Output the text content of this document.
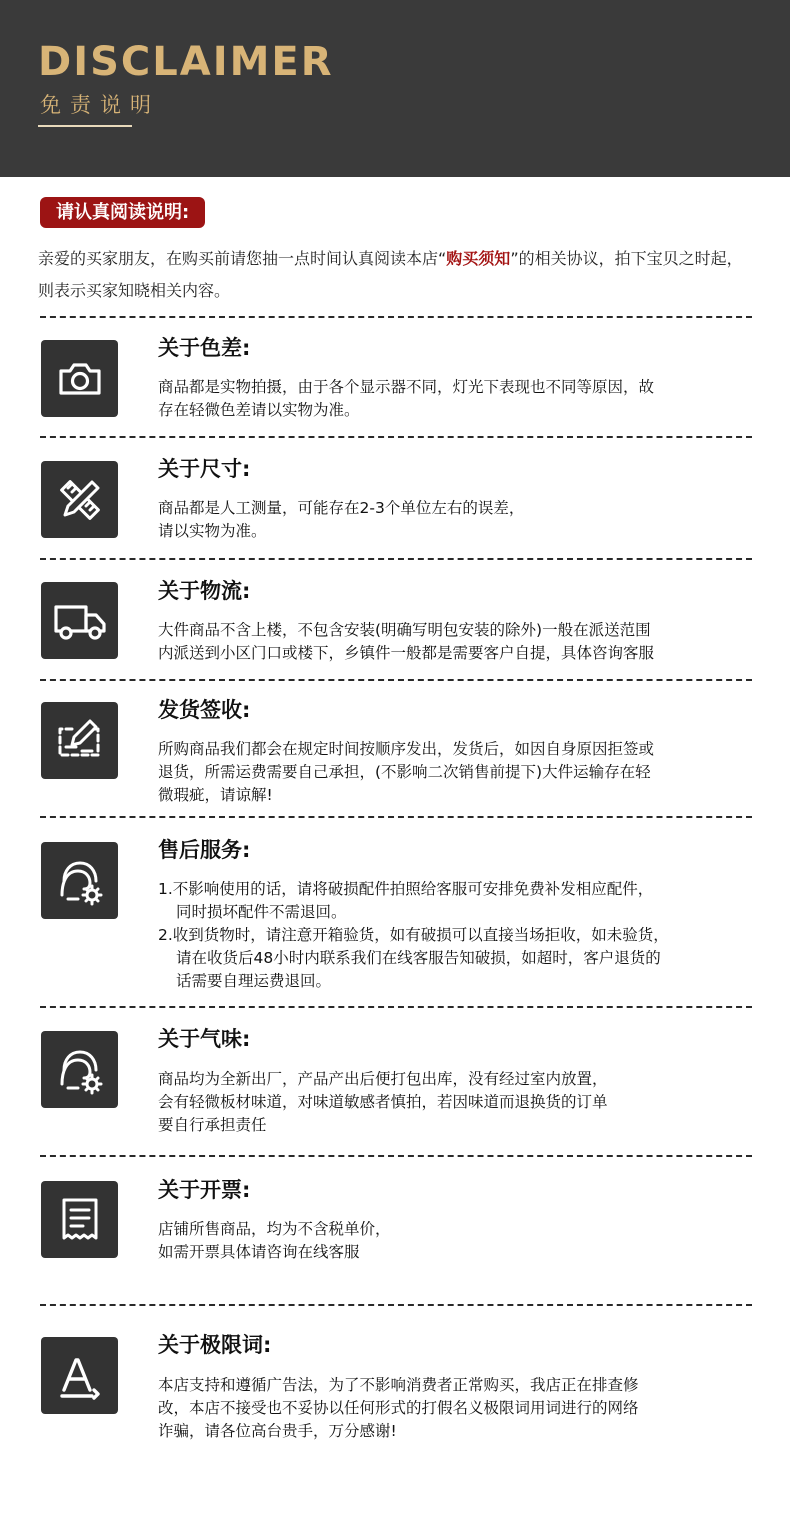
DISCLAIMER
免责说明
请认真阅读说明:
亲爱的买家朋友，在购买前请您抽一点时间认真阅读本店“购买须知”的相关协议，拍下宝贝之时起，则表示买家知晓相关内容。
关于色差:
商品都是实物拍摄，由于各个显示器不同，灯光下表现也不同等原因，故
存在轻微色差请以实物为准。
关于尺寸:
商品都是人工测量，可能存在2-3个单位左右的误差，
请以实物为准。
关于物流:
大件商品不含上楼，不包含安装(明确写明包安装的除外)一般在派送范围
内派送到小区门口或楼下，乡镇件一般都是需要客户自提，具体咨询客服
发货签收:
所购商品我们都会在规定时间按顺序发出，发货后，如因自身原因拒签或
退货，所需运费需要自己承担，(不影响二次销售前提下)大件运输存在轻
微瑕疵，请谅解!
售后服务:
1.不影响使用的话，请将破损配件拍照给客服可安排免费补发相应配件，
同时损坏配件不需退回。
2.收到货物时，请注意开箱验货，如有破损可以直接当场拒收，如未验货，
请在收货后48小时内联系我们在线客服告知破损，如超时，客户退货的
话需要自理运费退回。
关于气味:
商品均为全新出厂，产品产出后便打包出库，没有经过室内放置，
会有轻微板材味道，对味道敏感者慎拍，若因味道而退换货的订单
要自行承担责任
关于开票:
店铺所售商品，均为不含税单价，
如需开票具体请咨询在线客服
关于极限词:
本店支持和遵循广告法，为了不影响消费者正常购买，我店正在排查修
改，本店不接受也不妥协以任何形式的打假名义极限词用词进行的网络
诈骗，请各位高台贵手，万分感谢!
